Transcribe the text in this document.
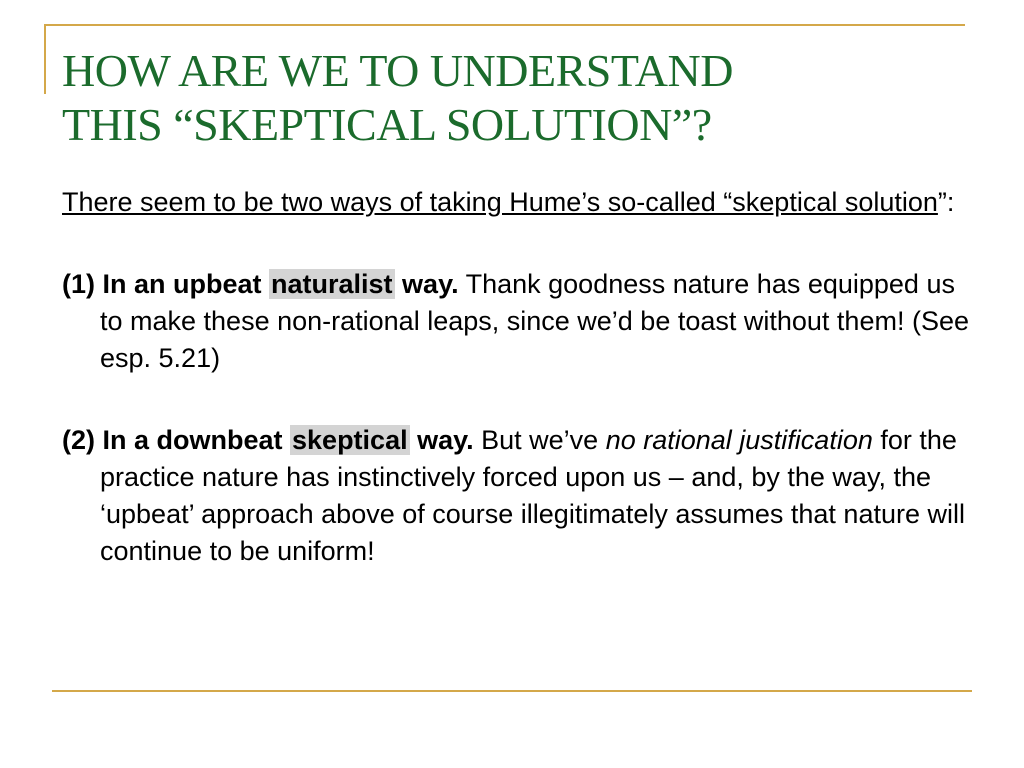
HOW ARE WE TO UNDERSTAND
THIS “SKEPTICAL SOLUTION”?

There seem to be two ways of taking Hume’s so-called “skeptical solution”:

(1) In an upbeat naturalist way. Thank goodness nature has equipped us to make these non-rational leaps, since we’d be toast without them! (See esp. 5.21)

(2) In a downbeat skeptical way. But we’ve no rational justification for the practice nature has instinctively forced upon us – and, by the way, the ‘upbeat’ approach above of course illegitimately assumes that nature will continue to be uniform!
